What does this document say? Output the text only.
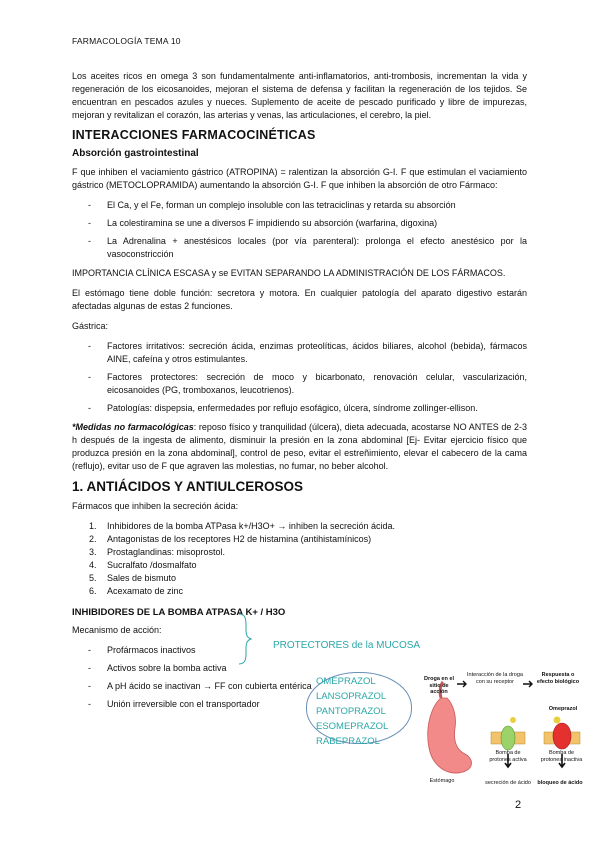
FARMACOLOGÍA TEMA 10

Los aceites ricos en omega 3 son fundamentalmente anti-inflamatorios, anti-trombosis, incrementan la vida y regeneración de los eicosanoides, mejoran el sistema de defensa y facilitan la regeneración de los tejidos. Se encuentran en pescados azules y nueces. Suplemento de aceite de pescado purificado y libre de impurezas, mejoran y revitalizan el corazón, las arterias y venas, las articulaciones, el cerebro, la piel.

INTERACCIONES FARMACOCINÉTICAS
Absorción gastrointestinal

F que inhiben el vaciamiento gástrico (ATROPINA) = ralentizan la absorción G-I. F que estimulan el vaciamiento gástrico (METOCLOPRAMIDA) aumentando la absorción G-I. F que inhiben la absorción de otro Fármaco:

- El Ca, y el Fe, forman un complejo insoluble con las tetraciclinas y retarda su absorción
- La colestiramina se une a diversos F impidiendo su absorción (warfarina, digoxina)
- La Adrenalina + anestésicos locales (por vía parenteral): prolonga el efecto anestésico por la vasoconstricción

IMPORTANCIA CLÍNICA ESCASA y se EVITAN SEPARANDO LA ADMINISTRACIÓN DE LOS FÁRMACOS.

El estómago tiene doble función: secretora y motora. En cualquier patología del aparato digestivo estarán afectadas algunas de estas 2 funciones.

Gástrica:

- Factores irritativos: secreción ácida, enzimas proteolíticas, ácidos biliares, alcohol (bebida), fármacos AINE, cafeína y otros estimulantes.
- Factores protectores: secreción de moco y bicarbonato, renovación celular, vascularización, eicosanoides (PG, tromboxanos, leucotrienos).
- Patologías: dispepsia, enfermedades por reflujo esofágico, úlcera, síndrome zollinger-ellison.

*Medidas no farmacológicas: reposo físico y tranquilidad (úlcera), dieta adecuada, acostarse NO ANTES de 2-3 h después de la ingesta de alimento, disminuir la presión en la zona abdominal [Ej- Evitar ejercicio físico que produzca presión en la zona abdominal], control de peso, evitar el estreñimiento, elevar el cabecero de la cama (reflujo), evitar uso de F que agraven las molestias, no fumar, no beber alcohol.

1. ANTIÁCIDOS Y ANTIULCEROSOS

Fármacos que inhiben la secreción ácida:

1. Inhibidores de la bomba ATPasa k+/H3O+ → inhiben la secreción ácida.
2. Antagonistas de los receptores H2 de histamina (antihistamínicos)
3. Prostaglandinas: misoprostol.
4. Sucralfato /dosmalfato
5. Sales de bismuto
6. Acexamato de zinc
INHIBIDORES DE LA BOMBA ATPASA K+ / H3O

Mecanismo de acción:

- Profármacos inactivos
- Activos sobre la bomba activa
- A pH ácido se inactivan → FF con cubierta entérica
- Unión irreversible con el transportador
PROTECTORES de la MUCOSA
OMEPRAZOL
LANSOPRAZOL
PANTOPRAZOL
ESOMEPRAZOL
RABEPRAZOL
Droga en el sitio de acción
Interacción de la droga con su receptor
Respuesta o efecto biológico
Omeprazol
Bomba de protones activa
Bomba de protones inactiva
Estómago	secreción de ácido	bloqueo de ácido
2
